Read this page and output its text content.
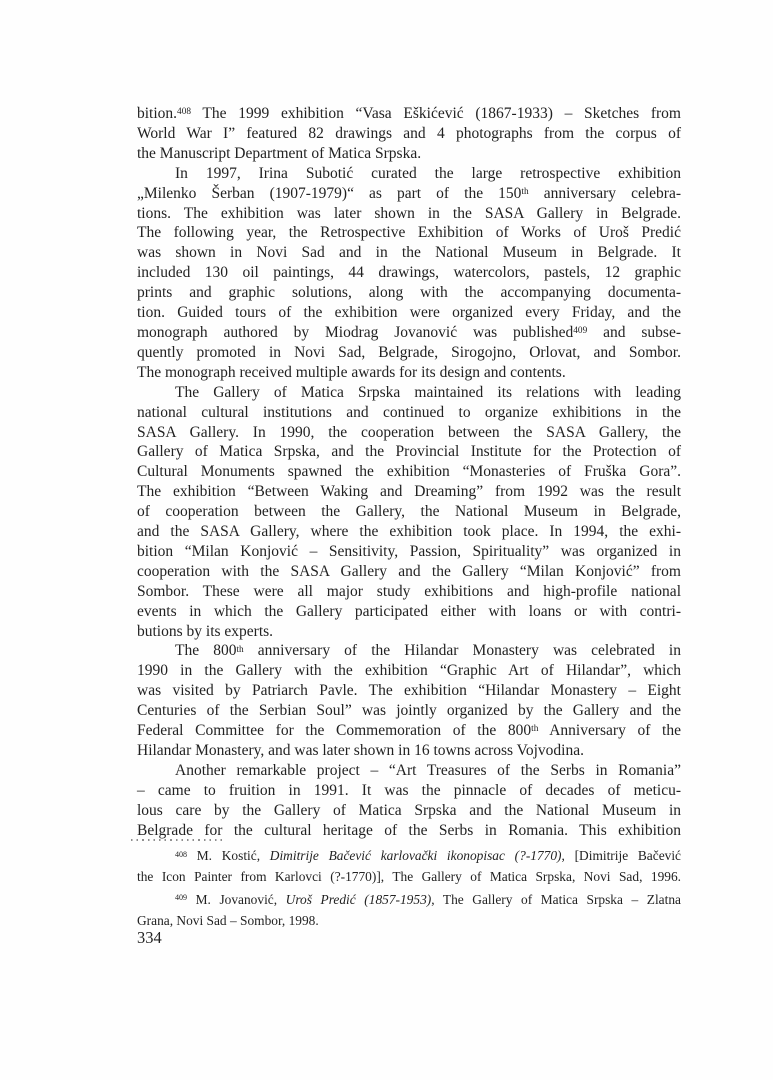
bition.$^{408}$ The 1999 exhibition “Vasa Eškićević (1867-1933) – Sketches from
World War I” featured 82 drawings and 4 photographs from the corpus of
the Manuscript Department of Matica Srpska.
In 1997, Irina Subotić curated the large retrospective exhibition
„Milenko Šerban (1907-1979)“ as part of the 150th anniversary celebra-
tions. The exhibition was later shown in the SASA Gallery in Belgrade.
The following year, the Retrospective Exhibition of Works of Uroš Predić
was shown in Novi Sad and in the National Museum in Belgrade. It
included 130 oil paintings, 44 drawings, watercolors, pastels, 12 graphic
prints and graphic solutions, along with the accompanying documenta-
tion. Guided tours of the exhibition were organized every Friday, and the
monograph authored by Miodrag Jovanović was published$^{409}$ and subse-
quently promoted in Novi Sad, Belgrade, Sirogojno, Orlovat, and Sombor.
The monograph received multiple awards for its design and contents.
The Gallery of Matica Srpska maintained its relations with leading
national cultural institutions and continued to organize exhibitions in the
SASA Gallery. In 1990, the cooperation between the SASA Gallery, the
Gallery of Matica Srpska, and the Provincial Institute for the Protection of
Cultural Monuments spawned the exhibition “Monasteries of Fruška Gora”.
The exhibition “Between Waking and Dreaming” from 1992 was the result
of cooperation between the Gallery, the National Museum in Belgrade,
and the SASA Gallery, where the exhibition took place. In 1994, the exhi-
bition “Milan Konjović – Sensitivity, Passion, Spirituality” was organized in
cooperation with the SASA Gallery and the Gallery “Milan Konjović” from
Sombor. These were all major study exhibitions and high-profile national
events in which the Gallery participated either with loans or with contri-
butions by its experts.
The 800th anniversary of the Hilandar Monastery was celebrated in
1990 in the Gallery with the exhibition “Graphic Art of Hilandar”, which
was visited by Patriarch Pavle. The exhibition “Hilandar Monastery – Eight
Centuries of the Serbian Soul” was jointly organized by the Gallery and the
Federal Committee for the Commemoration of the 800th Anniversary of the
Hilandar Monastery, and was later shown in 16 towns across Vojvodina.
Another remarkable project – “Art Treasures of the Serbs in Romania”
– came to fruition in 1991. It was the pinnacle of decades of meticu-
lous care by the Gallery of Matica Srpska and the National Museum in
Belgrade for the cultural heritage of the Serbs in Romania. This exhibition
$^{408}$ M. Kostić, Dimitrije Bačević karlovački ikonopisac (?-1770), [Dimitrije Bačević
the Icon Painter from Karlovci (?-1770)], The Gallery of Matica Srpska, Novi Sad, 1996.
$^{409}$ M. Jovanović, Uroš Predić (1857-1953), The Gallery of Matica Srpska – Zlatna
Grana, Novi Sad – Sombor, 1998.
334
